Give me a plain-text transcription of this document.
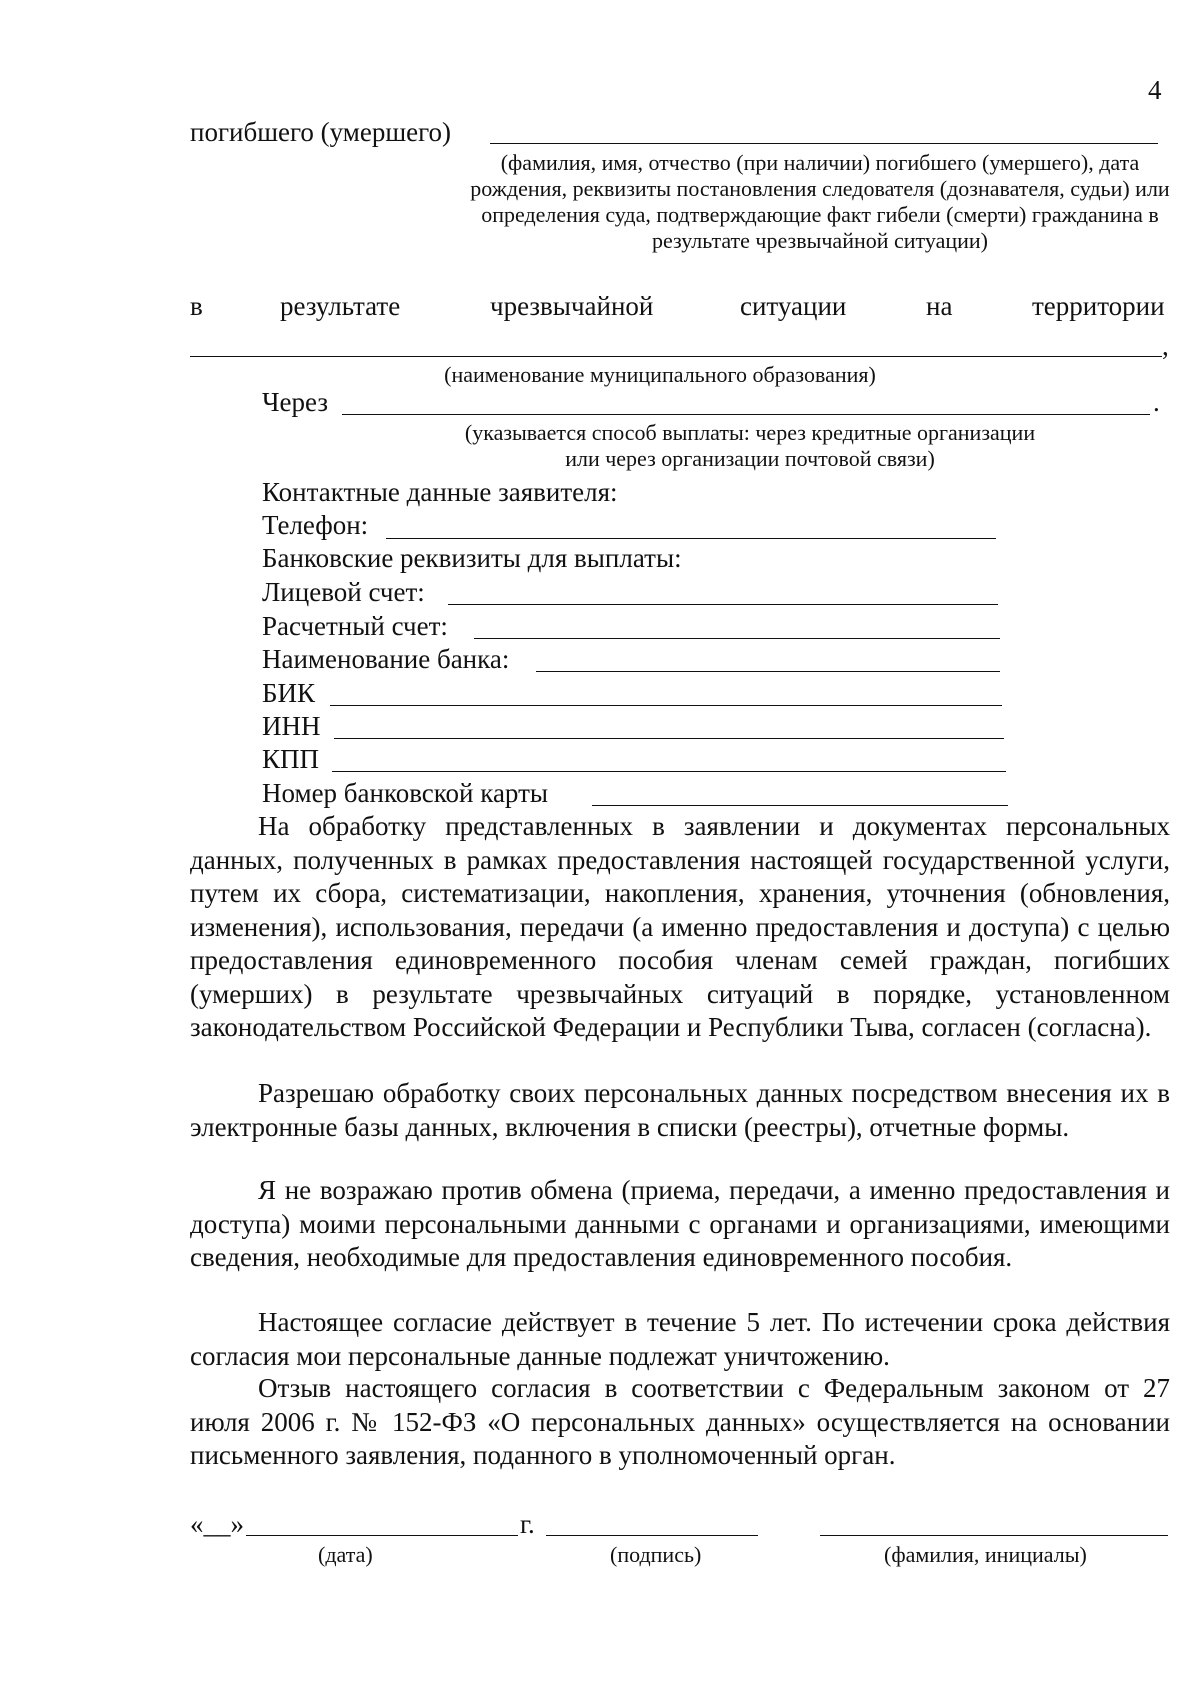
4
погибшего (умершего)
(фамилия, имя, отчество (при наличии) погибшего (умершего), дата рождения, реквизиты постановления следователя (дознавателя, судьи) или определения суда, подтверждающие факт гибели (смерти) гражданина в результате чрезвычайной ситуации)
в	результате	чрезвычайной	ситуации	на	территории
,
(наименование муниципального образования)
Через	.
(указывается способ выплаты: через кредитные организации
или через организации почтовой связи)
Контактные данные заявителя:
Телефон:
Банковские реквизиты для выплаты:
Лицевой счет:
Расчетный счет:
Наименование банка:
БИК
ИНН
КПП
Номер банковской карты

На обработку представленных в заявлении и документах персональных данных, полученных в рамках предоставления настоящей государственной услуги, путем их сбора, систематизации, накопления, хранения, уточнения (обновления, изменения), использования, передачи (а именно предоставления и доступа) с целью предоставления единовременного пособия членам семей граждан, погибших (умерших) в результате чрезвычайных ситуаций в порядке, установленном законодательством Российской Федерации и Республики Тыва, согласен (согласна).

Разрешаю обработку своих персональных данных посредством внесения их в электронные базы данных, включения в списки (реестры), отчетные формы.

Я не возражаю против обмена (приема, передачи, а именно предоставления и доступа) моими персональными данными с органами и организациями, имеющими сведения, необходимые для предоставления единовременного пособия.

Настоящее согласие действует в течение 5 лет. По истечении срока действия согласия мои персональные данные подлежат уничтожению.

Отзыв настоящего согласия в соответствии с Федеральным законом от 27 июля 2006 г. № 152-ФЗ «О персональных данных» осуществляется на основании письменного заявления, поданного в уполномоченный орган.

«__»	г.
(дата)	(подпись)	(фамилия, инициалы)
